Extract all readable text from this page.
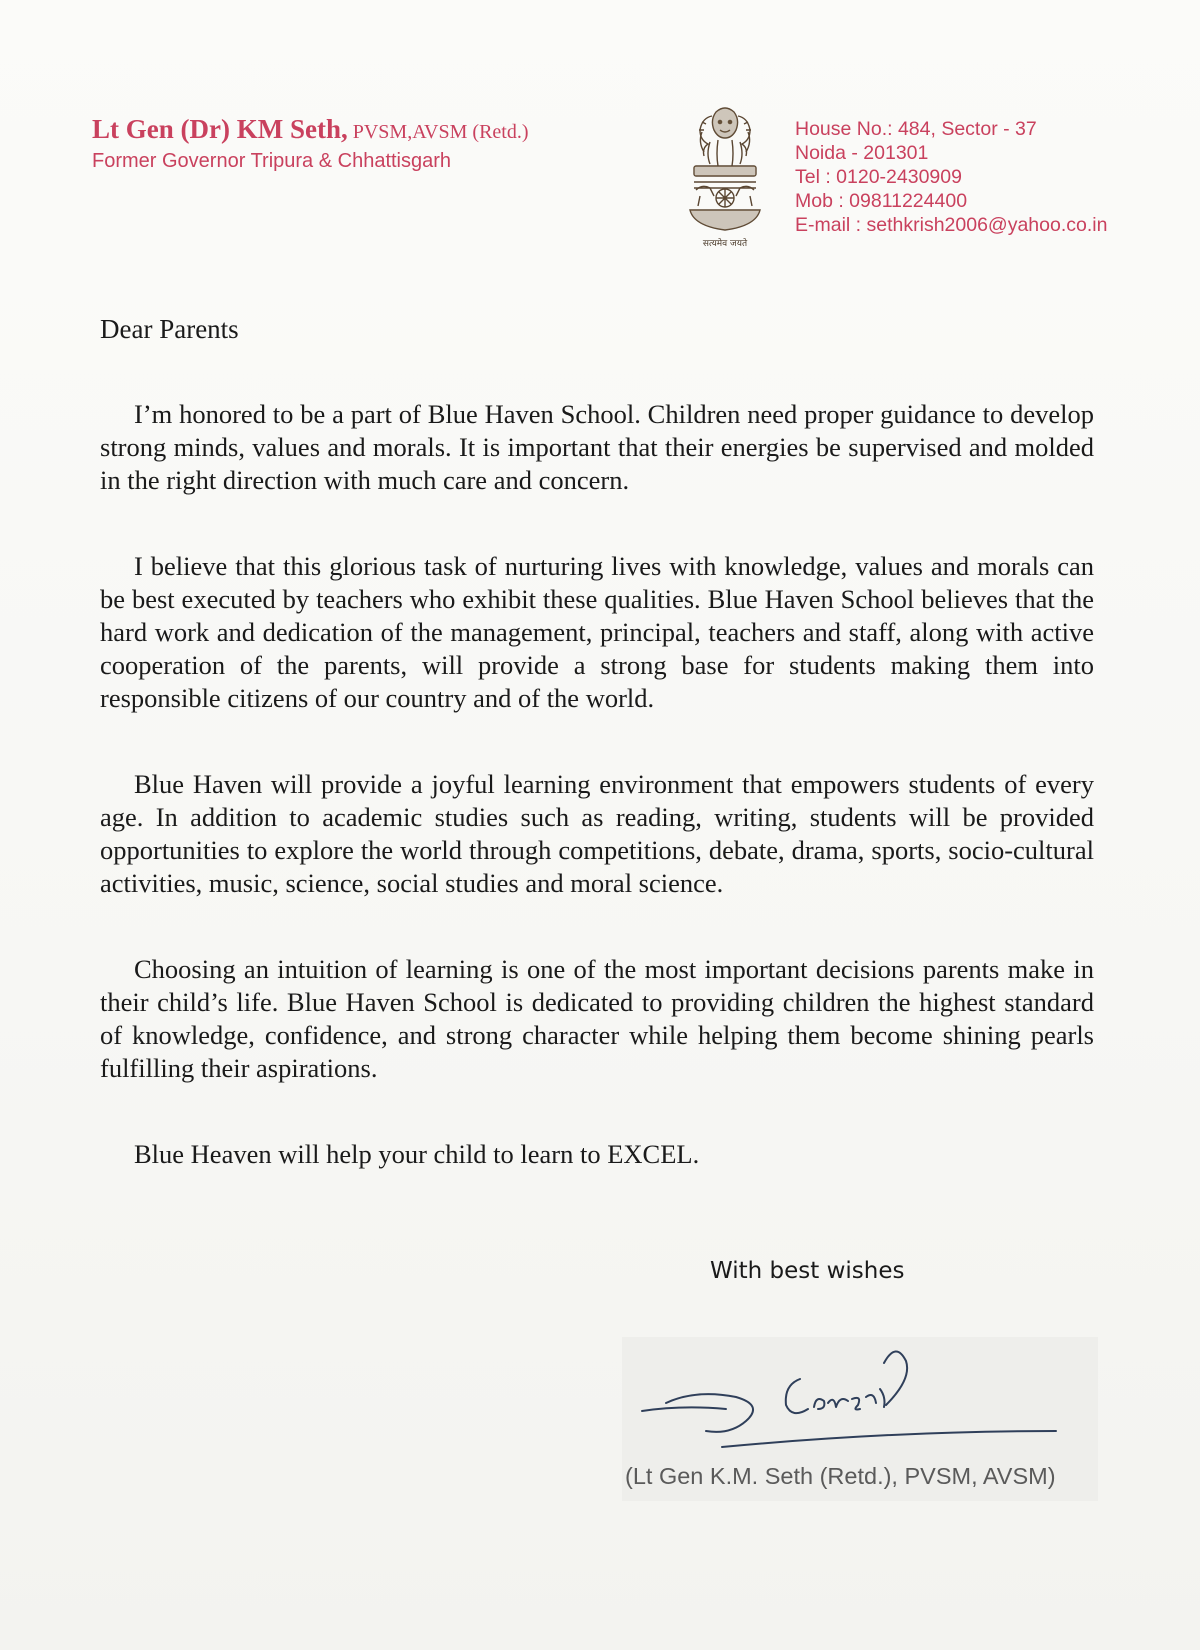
Lt Gen (Dr) KM Seth, PVSM,AVSM (Retd.)
Former Governor Tripura & Chhattisgarh
सत्यमेव जयते
House No.: 484, Sector - 37
Noida - 201301
Tel : 0120-2430909
Mob : 09811224400
E-mail : sethkrish2006@yahoo.co.in
Dear Parents

I’m honored to be a part of Blue Haven School. Children need proper guidance to develop strong minds, values and morals. It is important that their energies be supervised and molded in the right direction with much care and concern.

I believe that this glorious task of nurturing lives with knowledge, values and morals can be best executed by teachers who exhibit these qualities. Blue Haven School believes that the hard work and dedication of the management, principal, teachers and staff, along with active cooperation of the parents, will provide a strong base for students making them into responsible citizens of our country and of the world.

Blue Haven will provide a joyful learning environment that empowers students of every age. In addition to academic studies such as reading, writing, students will be provided opportunities to explore the world through competitions, debate, drama, sports, socio-cultural activities, music, science, social studies and moral science.

Choosing an intuition of learning is one of the most important decisions parents make in their child’s life. Blue Haven School is dedicated to providing children the highest standard of knowledge, confidence, and strong character while helping them become shining pearls fulfilling their aspirations.

Blue Heaven will help your child to learn to EXCEL.

With best wishes
(Lt Gen K.M. Seth (Retd.), PVSM, AVSM)
